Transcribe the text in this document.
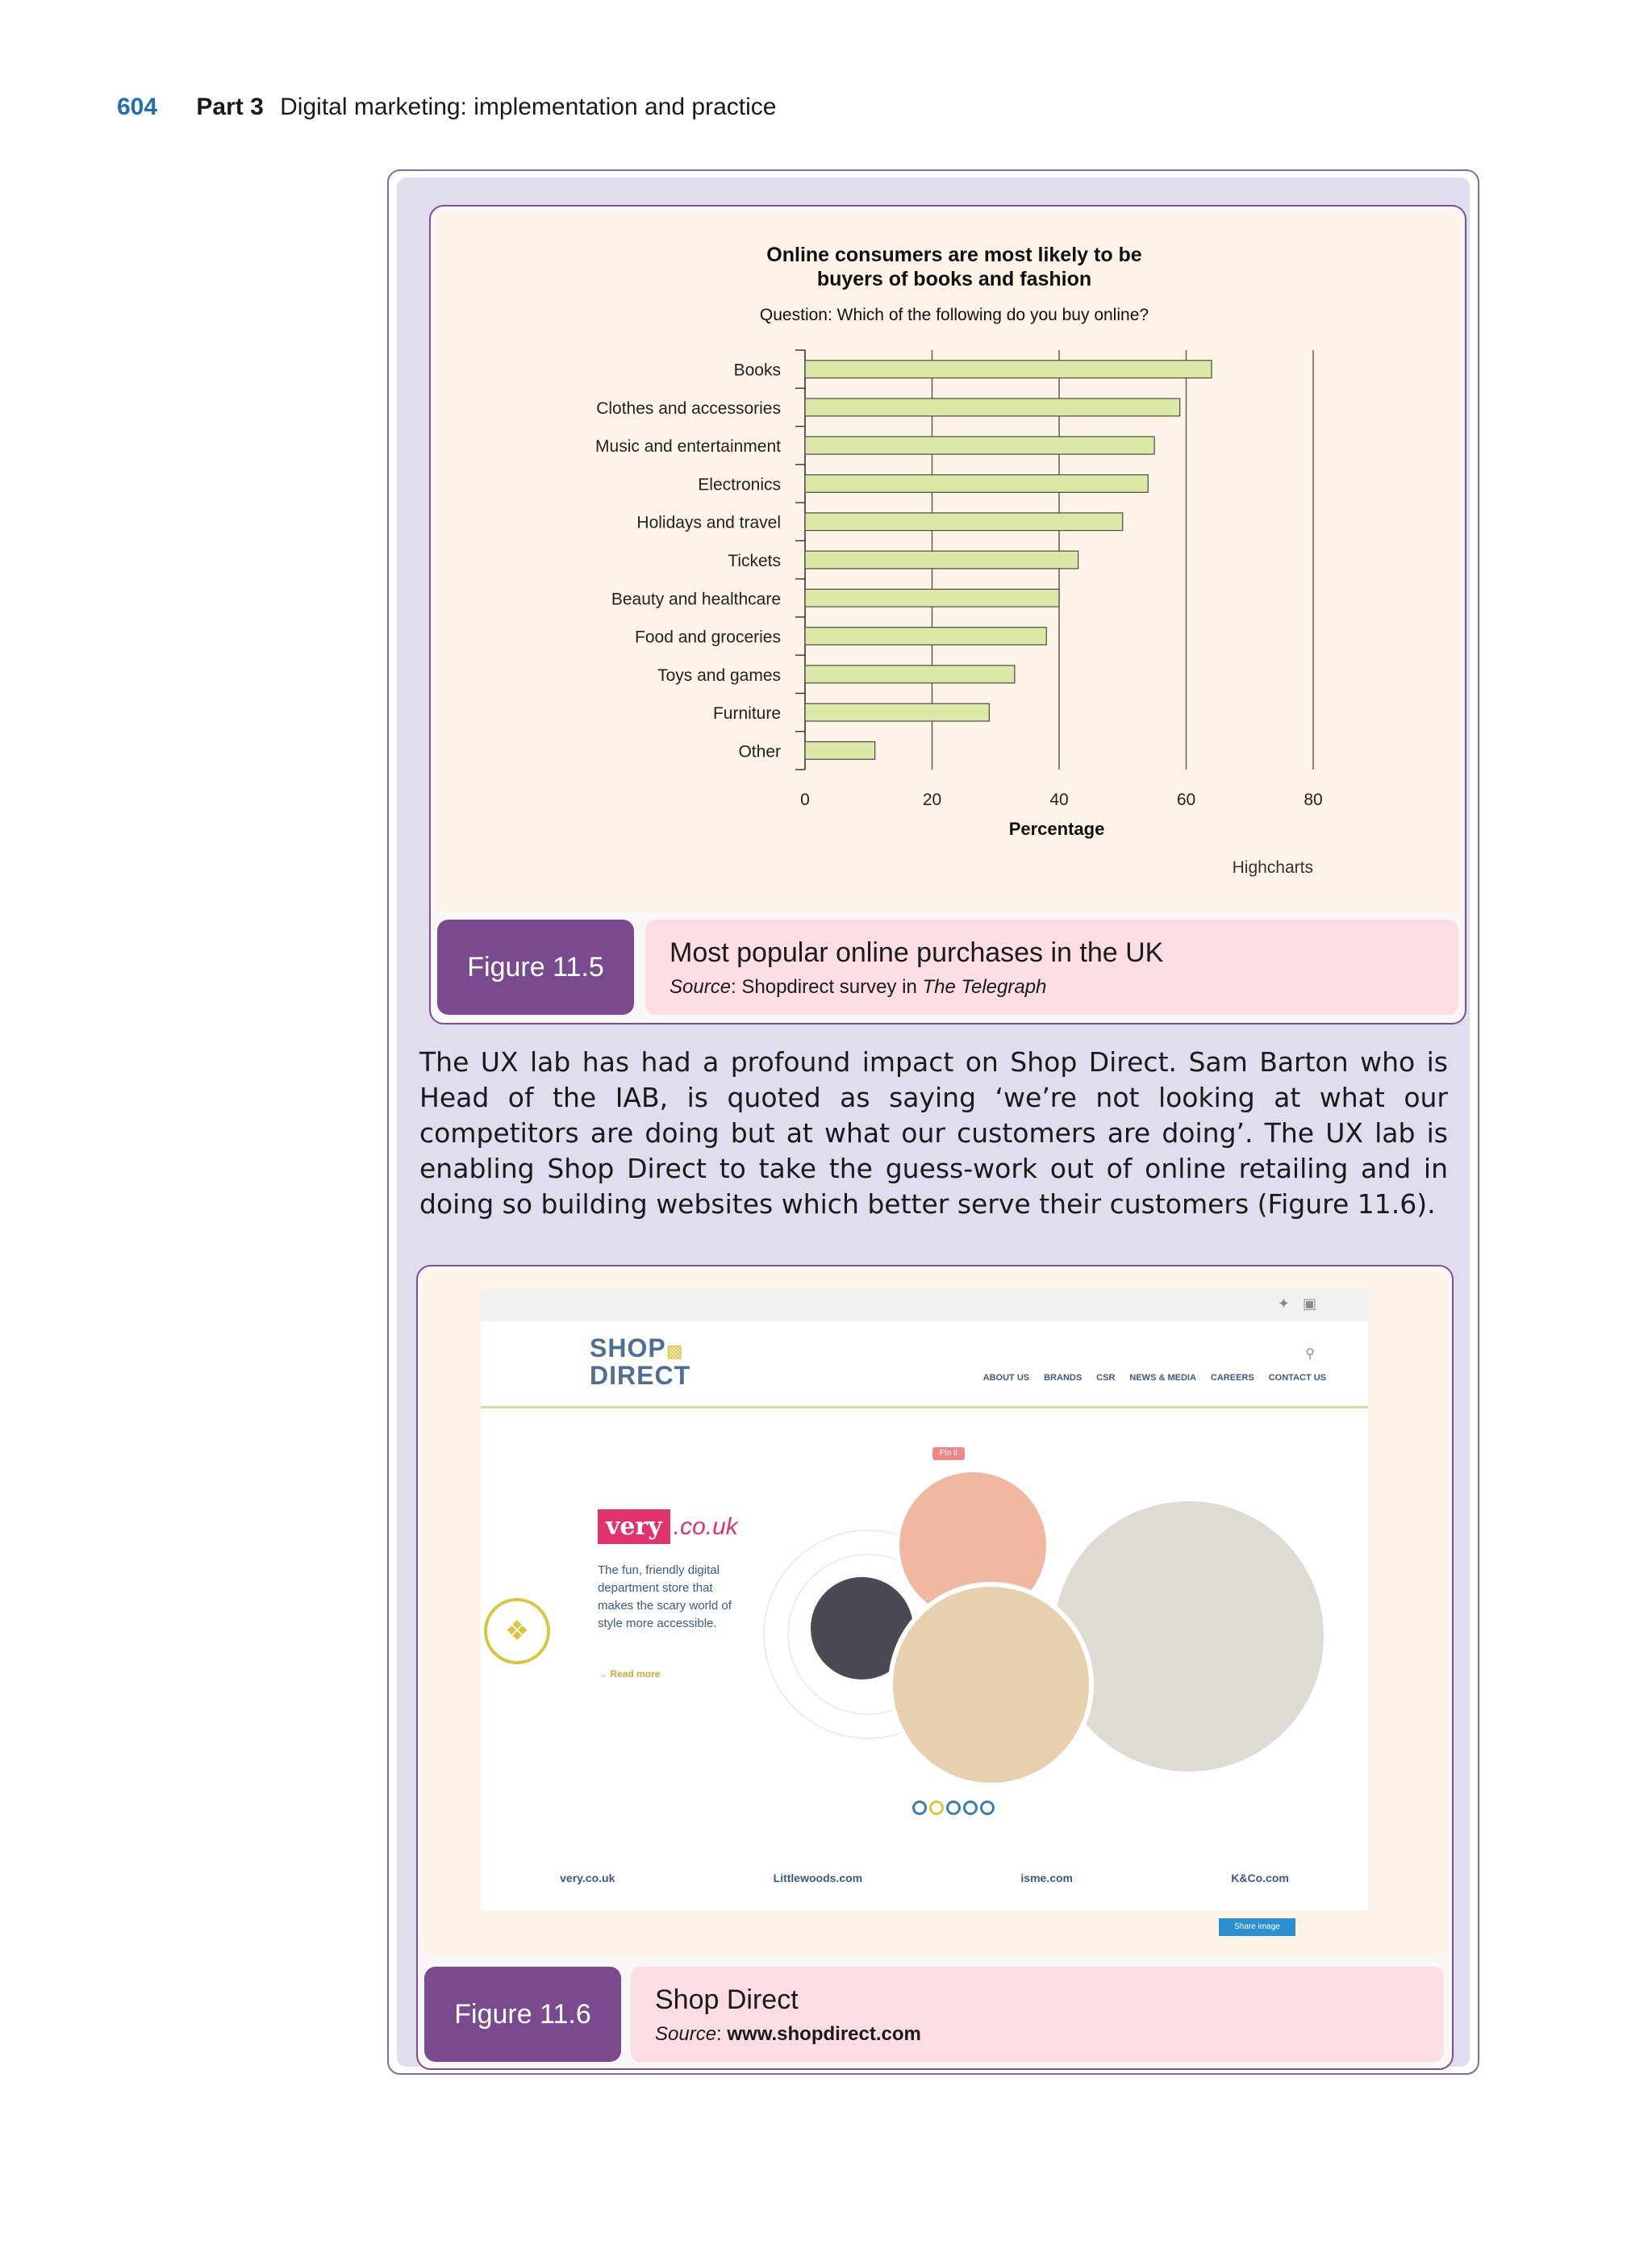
604 Part 3 Digital marketing: implementation and practice
Online consumers are most likely to be
buyers of books and fashion
Question: Which of the following do you buy online?
Books
Clothes and accessories
Music and entertainment
Electronics
Holidays and travel
Tickets
Beauty and healthcare
Food and groceries
Toys and games
Furniture
Other
0	20	40	60	80
Percentage
Highcharts
Figure 11.5	Most popular online purchases in the UK
Source: Shopdirect survey in The Telegraph
The UX lab has had a profound impact on Shop Direct. Sam Barton who is Head of the IAB, is quoted as saying ‘we’re not looking at what our competitors are doing but at what our customers are doing’. The UX lab is enabling Shop Direct to take the guess-work out of online retailing and in doing so building websites which better serve their customers (Figure 11.6).
✦ ▣
SHOP▩
DIRECT
⚲
ABOUT US BRANDS CSR NEWS & MEDIA CAREERS CONTACT US
Pin it
very .co.uk
The fun, friendly digital department store that makes the scary world of style more accessible.
→ Read more
❖
Share image
very.co.uk	Littlewoods.com	isme.com	K&Co.com
Figure 11.6	Shop Direct
Source: www.shopdirect.com
